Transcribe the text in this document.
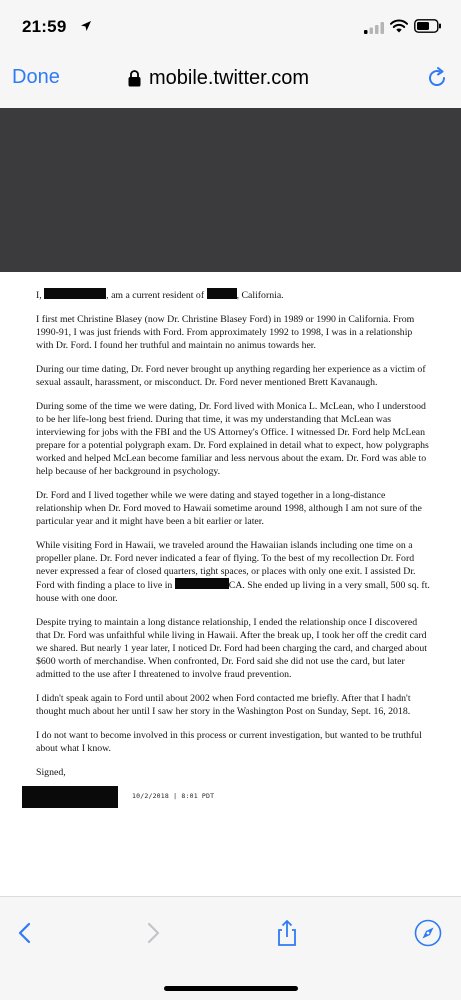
21:59
Done	mobile.twitter.com

I,	, am a current resident of	, California.

I first met Christine Blasey (now Dr. Christine Blasey Ford) in 1989 or 1990 in California. From 1990-91, I was just friends with Ford. From approximately 1992 to 1998, I was in a relationship with Dr. Ford. I found her truthful and maintain no animus towards her.

During our time dating, Dr. Ford never brought up anything regarding her experience as a victim of sexual assault, harassment, or misconduct. Dr. Ford never mentioned Brett Kavanaugh.

During some of the time we were dating, Dr. Ford lived with Monica L. McLean, who I understood to be her life-long best friend. During that time, it was my understanding that McLean was interviewing for jobs with the FBI and the US Attorney's Office. I witnessed Dr. Ford help McLean prepare for a potential polygraph exam. Dr. Ford explained in detail what to expect, how polygraphs worked and helped McLean become familiar and less nervous about the exam. Dr. Ford was able to help because of her background in psychology.

Dr. Ford and I lived together while we were dating and stayed together in a long-distance relationship when Dr. Ford moved to Hawaii sometime around 1998, although I am not sure of the particular year and it might have been a bit earlier or later.

While visiting Ford in Hawaii, we traveled around the Hawaiian islands including one time on a propeller plane. Dr. Ford never indicated a fear of flying. To the best of my recollection Dr. Ford never expressed a fear of closed quarters, tight spaces, or places with only one exit. I assisted Dr. Ford with finding a place to live in	CA. She ended up living in a very small, 500 sq. ft. house with one door.

Despite trying to maintain a long distance relationship, I ended the relationship once I discovered that Dr. Ford was unfaithful while living in Hawaii. After the break up, I took her off the credit card we shared. But nearly 1 year later, I noticed Dr. Ford had been charging the card, and charged about $600 worth of merchandise. When confronted, Dr. Ford said she did not use the card, but later admitted to the use after I threatened to involve fraud prevention.

I didn't speak again to Ford until about 2002 when Ford contacted me briefly. After that I hadn't thought much about her until I saw her story in the Washington Post on Sunday, Sept. 16, 2018.

I do not want to become involved in this process or current investigation, but wanted to be truthful about what I know.

Signed,

10/2/2018 | 8:01 PDT
